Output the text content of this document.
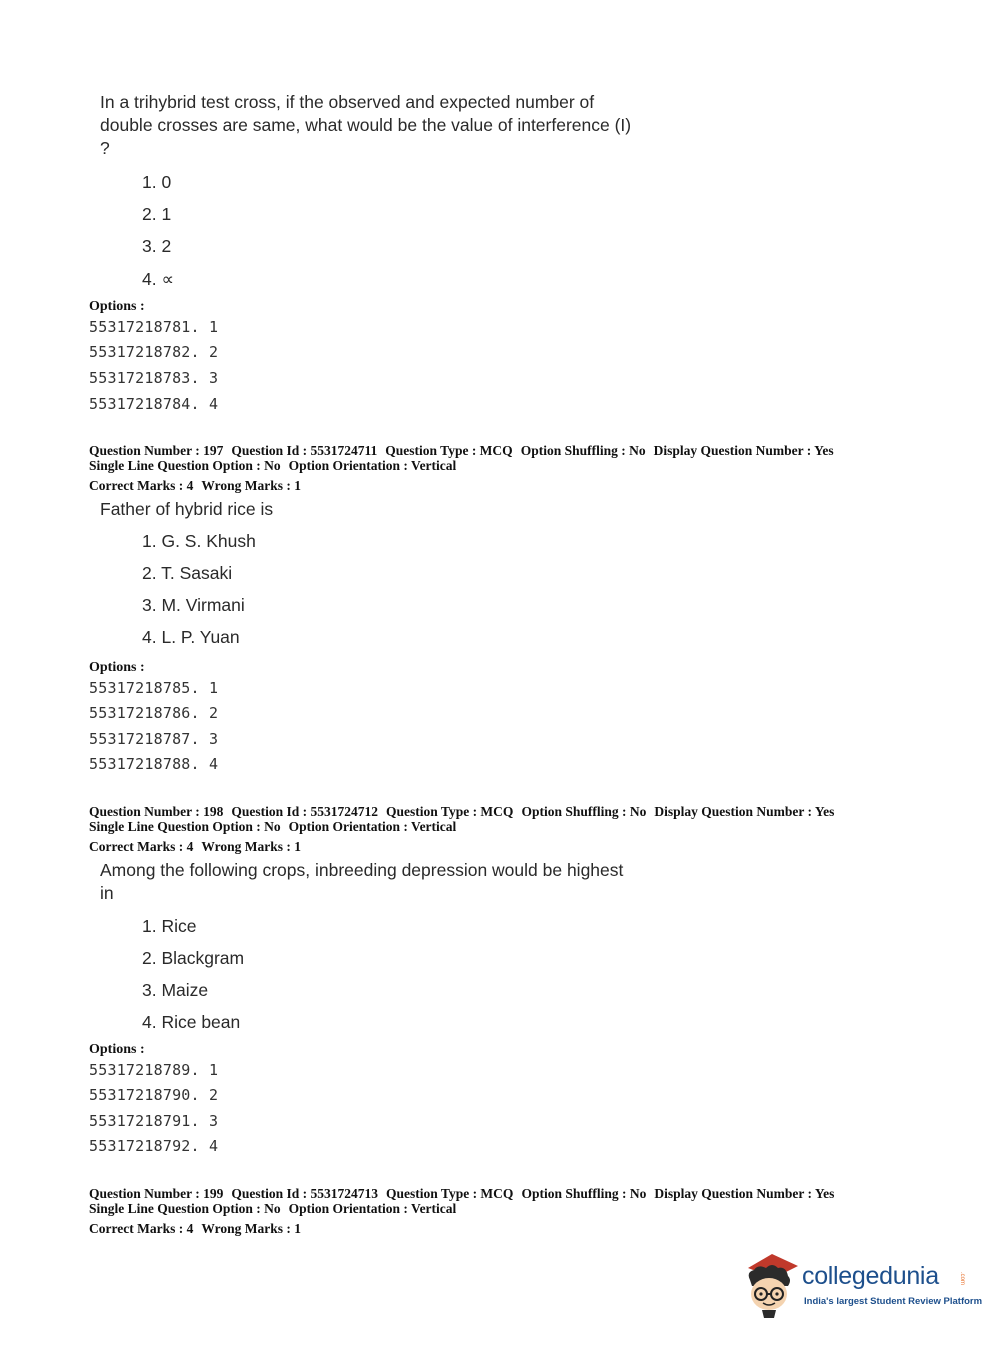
In a trihybrid test cross, if the observed and expected number of double crosses are same, what would be the value of interference (I) ?
1. 0
2. 1
3. 2
4. ∝
Options :
55317218781. 1
55317218782. 2
55317218783. 3
55317218784. 4
Question Number : 197 Question Id : 5531724711 Question Type : MCQ Option Shuffling : No Display Question Number : Yes
Single Line Question Option : No Option Orientation : Vertical
Correct Marks : 4 Wrong Marks : 1
Father of hybrid rice is
1. G. S. Khush
2. T. Sasaki
3. M. Virmani
4. L. P. Yuan
Options :
55317218785. 1
55317218786. 2
55317218787. 3
55317218788. 4
Question Number : 198 Question Id : 5531724712 Question Type : MCQ Option Shuffling : No Display Question Number : Yes
Single Line Question Option : No Option Orientation : Vertical
Correct Marks : 4 Wrong Marks : 1
Among the following crops, inbreeding depression would be highest in
1. Rice
2. Blackgram
3. Maize
4. Rice bean
Options :
55317218789. 1
55317218790. 2
55317218791. 3
55317218792. 4
Question Number : 199 Question Id : 5531724713 Question Type : MCQ Option Shuffling : No Display Question Number : Yes
Single Line Question Option : No Option Orientation : Vertical
Correct Marks : 4 Wrong Marks : 1
collegedunia	.com
India's largest Student Review Platform
